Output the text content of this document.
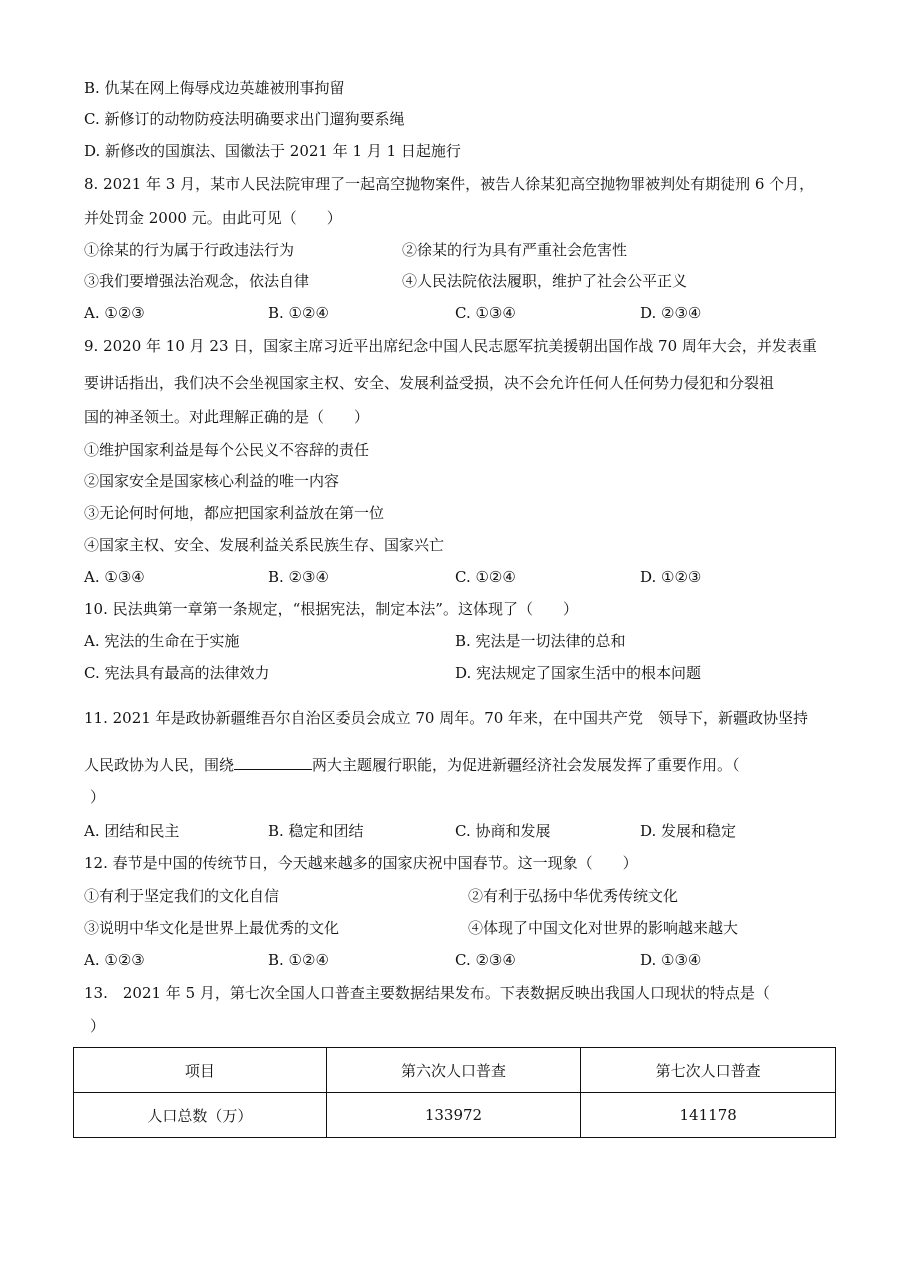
B. 仇某在网上侮辱戍边英雄被刑事拘留
C. 新修订的动物防疫法明确要求出门遛狗要系绳
D. 新修改的国旗法、国徽法于 2021 年 1 月 1 日起施行
8. 2021 年 3 月，某市人民法院审理了一起高空抛物案件，被告人徐某犯高空抛物罪被判处有期徒刑 6 个月，
并处罚金 2000 元。由此可见（　　）
①徐某的行为属于行政违法行为	②徐某的行为具有严重社会危害性
③我们要增强法治观念，依法自律	④人民法院依法履职，维护了社会公平正义
A. ①②③	B. ①②④	C. ①③④	D. ②③④
9. 2020 年 10 月 23 日，国家主席习近平出席纪念中国人民志愿军抗美援朝出国作战 70 周年大会，并发表重
要讲话指出，我们决不会坐视国家主权、安全、发展利益受损，决不会允许任何人任何势力侵犯和分裂祖
国的神圣领土。对此理解正确的是（　　）
①维护国家利益是每个公民义不容辞的责任
②国家安全是国家核心利益的唯一内容
③无论何时何地，都应把国家利益放在第一位
④国家主权、安全、发展利益关系民族生存、国家兴亡
A. ①③④	B. ②③④	C. ①②④	D. ①②③
10. 民法典第一章第一条规定，“根据宪法，制定本法”。这体现了（　　）
A. 宪法的生命在于实施	B. 宪法是一切法律的总和
C. 宪法具有最高的法律效力	D. 宪法规定了国家生活中的根本问题
11. 2021 年是政协新疆维吾尔自治区委员会成立 70 周年。70 年来，在中国共产党　领导下，新疆政协坚持
人民政协为人民，围绕	两大主题履行职能，为促进新疆经济社会发展发挥了重要作用。（
）
A. 团结和民主	B. 稳定和团结	C. 协商和发展	D. 发展和稳定
12. 春节是中国的传统节日，今天越来越多的国家庆祝中国春节。这一现象（　　）
①有利于坚定我们的文化自信	②有利于弘扬中华优秀传统文化
③说明中华文化是世界上最优秀的文化	④体现了中国文化对世界的影响越来越大
A. ①②③	B. ①②④	C. ②③④	D. ①③④
13.　2021 年 5 月，第七次全国人口普查主要数据结果发布。下表数据反映出我国人口现状的特点是（
）
项目	第六次人口普查	第七次人口普查
人口总数（万）	133972	141178
